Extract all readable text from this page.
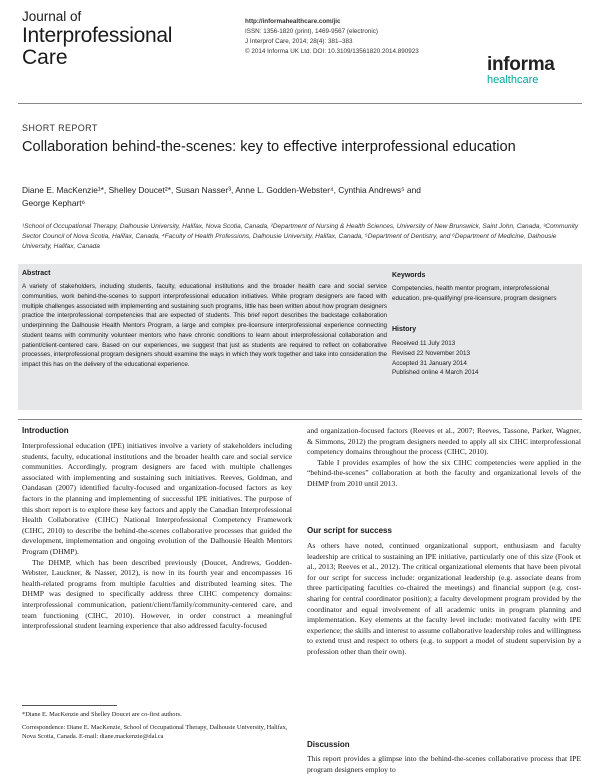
Journal of
Interprofessional
Care
http://informahealthcare.com/jic
ISSN: 1356-1820 (print), 1469-9567 (electronic)
J Interprof Care, 2014; 28(4): 381–383
© 2014 Informa UK Ltd. DOI: 10.3109/13561820.2014.890923
informa
healthcare
SHORT REPORT
Collaboration behind-the-scenes: key to effective interprofessional education
Diane E. MacKenzie¹*, Shelley Doucet²*, Susan Nasser³, Anne L. Godden-Webster⁴, Cynthia Andrews⁵ and
George Kephart⁶
¹School of Occupational Therapy, Dalhousie University, Halifax, Nova Scotia, Canada, ²Department of Nursing & Health Sciences, University of New Brunswick, Saint John, Canada, ³Community Sector Council of Nova Scotia, Halifax, Canada, ⁴Faculty of Health Professions, Dalhousie University, Halifax, Canada, ⁵Department of Dentistry, and ⁶Department of Medicine, Dalhousie University, Halifax, Canada
Abstract
A variety of stakeholders, including students, faculty, educational institutions and the broader health care and social service communities, work behind-the-scenes to support interprofessional education initiatives. While program designers are faced with multiple challenges associated with implementing and sustaining such programs, little has been written about how program designers practice the interprofessional competencies that are expected of students. This brief report describes the backstage collaboration underpinning the Dalhousie Health Mentors Program, a large and complex pre-licensure interprofessional experience connecting student teams with community volunteer mentors who have chronic conditions to learn about interprofessional collaboration and patient/client-centered care. Based on our experiences, we suggest that just as students are required to reflect on collaborative processes, interprofessional program designers should examine the ways in which they work together and take into consideration the impact this has on the delivery of the educational experience.
Keywords
Competencies, health mentor program, interprofessional education, pre-qualifying/ pre-licensure, program designers
History
Received 11 July 2013
Revised 22 November 2013
Accepted 31 January 2014
Published online 4 March 2014
Introduction

Interprofessional education (IPE) initiatives involve a variety of stakeholders including students, faculty, educational institutions and the broader health care and social service communities. Accordingly, program designers are faced with multiple challenges associated with implementing and sustaining such initiatives. Reeves, Goldman, and Oandasan (2007) identified faculty-focused and organization-focused factors as key factors in the planning and implementing of successful IPE initiatives. The purpose of this short report is to explore these key factors and apply the Canadian Interprofessional Health Collaborative (CIHC) National Interprofessional Competency Framework (CIHC, 2010) to describe the behind-the-scenes collaborative processes that guided the development, implementation and ongoing evolution of the Dalhousie Health Mentors Program (DHMP).

The DHMP, which has been described previously (Doucet, Andrews, Godden-Webster, Lauckner, & Nasser, 2012), is now in its fourth year and encompasses 16 health-related programs from multiple faculties and distributed learning sites. The DHMP was designed to specifically address three CIHC competency domains: interprofessional communication, patient/client/family/community-centered care, and team functioning (CIHC, 2010). However, in order construct a meaningful interprofessional student learning experience that also addressed faculty-focused

*Diane E. MacKenzie and Shelley Doucet are co-first authors.
Correspondence: Diane E. MacKenzie, School of Occupational Therapy, Dalhousie University, Halifax, Nova Scotia, Canada. E-mail: diane.mackenzie@dal.ca

and organization-focused factors (Reeves et al., 2007; Reeves, Tassone, Parker, Wagner, & Simmons, 2012) the program designers needed to apply all six CIHC interprofessional competency domains throughout the process (CIHC, 2010).

Table I provides examples of how the six CIHC competencies were applied in the “behind-the-scenes” collaboration at both the faculty and organizational levels of the DHMP from 2010 until 2013.

Our script for success

As others have noted, continued organizational support, enthusiasm and faculty leadership are critical to sustaining an IPE initiative, particularly one of this size (Fook et al., 2013; Reeves et al., 2012). The critical organizational elements that have been pivotal for our script for success include: organizational leadership (e.g. associate deans from three participating faculties co-chaired the meetings) and financial support (e.g. cost-sharing for central coordinator position); a faculty development program provided by the coordinator and equal involvement of all academic units in program planning and implementation. Key elements at the faculty level include: motivated faculty with IPE experience; the skills and interest to assume collaborative leadership roles and willingness to extend trust and respect to others (e.g. to support a model of student supervision by a profession other than their own).

Discussion

This report provides a glimpse into the behind-the-scenes collaborative process that IPE program designers employ to
